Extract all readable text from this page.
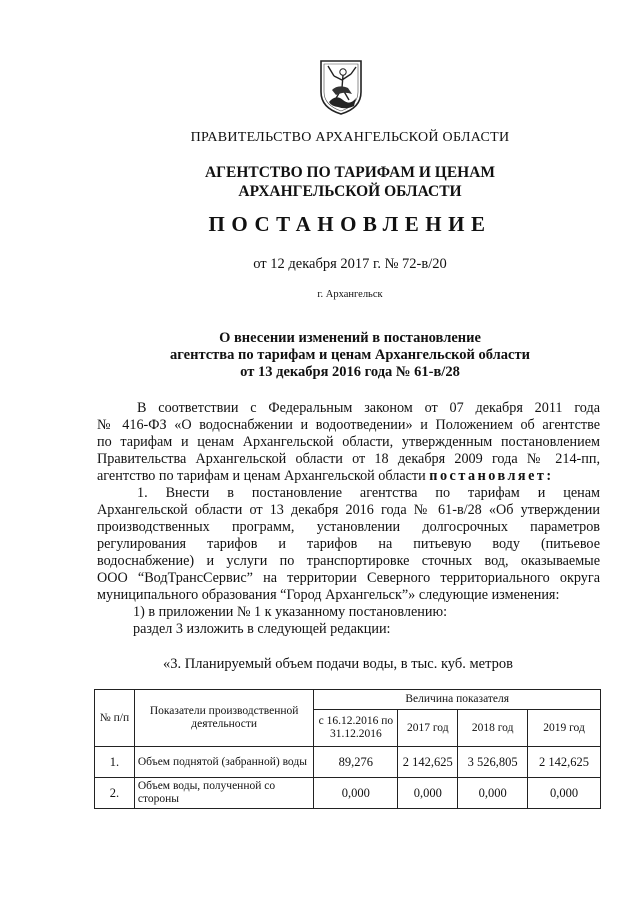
ПРАВИТЕЛЬСТВО АРХАНГЕЛЬСКОЙ ОБЛАСТИ
АГЕНТСТВО ПО ТАРИФАМ И ЦЕНАМ
АРХАНГЕЛЬСКОЙ ОБЛАСТИ
ПОСТАНОВЛЕНИЕ
от 12 декабря 2017 г. № 72-в/20
г. Архангельск
О внесении изменений в постановление
агентства по тарифам и ценам Архангельской области
от 13 декабря 2016 года № 61-в/28

В соответствии с Федеральным законом от 07 декабря 2011 года

№ 416-ФЗ «О водоснабжении и водоотведении» и Положением об агентстве

по тарифам и ценам Архангельской области, утвержденным постановлением

Правительства Архангельской области от 18 декабря 2009 года № 214-пп,

агентство по тарифам и ценам Архангельской области постановляет:

1. Внести в постановление агентства по тарифам и ценам

Архангельской области от 13 декабря 2016 года № 61-в/28 «Об утверждении

производственных программ, установлении долгосрочных параметров

регулирования тарифов и тарифов на питьевую воду (питьевое

водоснабжение) и услуги по транспортировке сточных вод, оказываемые

ООО “ВодТрансСервис” на территории Северного территориального округа

муниципального образования “Город Архангельск”» следующие изменения:

1) в приложении № 1 к указанному постановлению:

раздел 3 изложить в следующей редакции:

«3. Планируемый объем подачи воды, в тыс. куб. метров
№ п/п	Показатели производственной деятельности	Величина показателя			
		с 16.12.2016 по 31.12.2016	2017 год	2018 год	2019 год
1.	Объем поднятой (забранной) воды	89,276	2 142,625	3 526,805	2 142,625
2.	Объем воды, полученной со стороны	0,000	0,000	0,000	0,000
